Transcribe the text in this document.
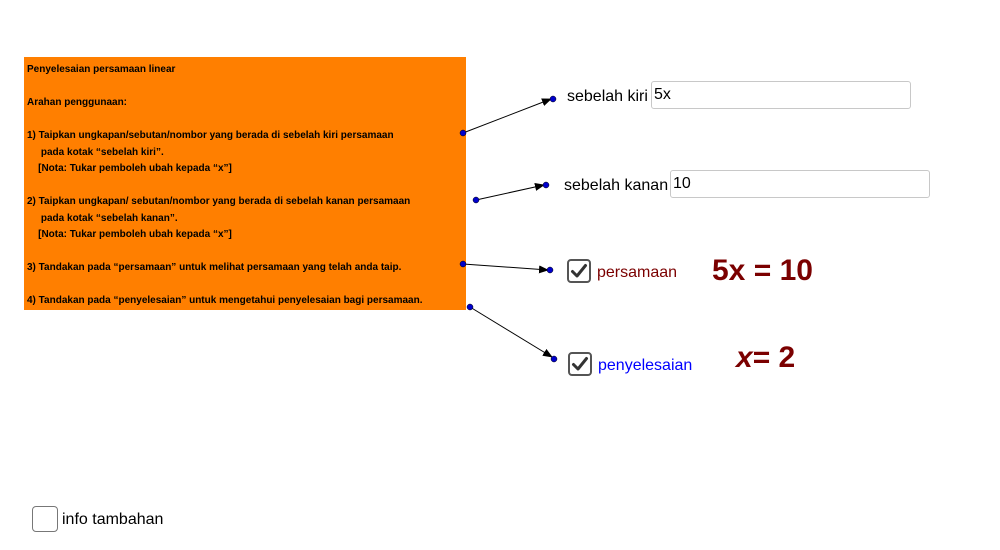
Penyelesaian persamaan linear
Arahan penggunaan:
1) Taipkan ungkapan/sebutan/nombor yang berada di sebelah kiri persamaan
pada kotak “sebelah kiri”.
[Nota: Tukar pemboleh ubah kepada “x”]
2) Taipkan ungkapan/ sebutan/nombor yang berada di sebelah kanan persamaan
pada kotak “sebelah kanan”.
[Nota: Tukar pemboleh ubah kepada “x”]
3) Tandakan pada “persamaan” untuk melihat persamaan yang telah anda taip.
4) Tandakan pada “penyelesaian” untuk mengetahui penyelesaian bagi persamaan.
sebelah kiri
5x
sebelah kanan
10
persamaan 5x = 10
penyelesaian x= 2
info tambahan
